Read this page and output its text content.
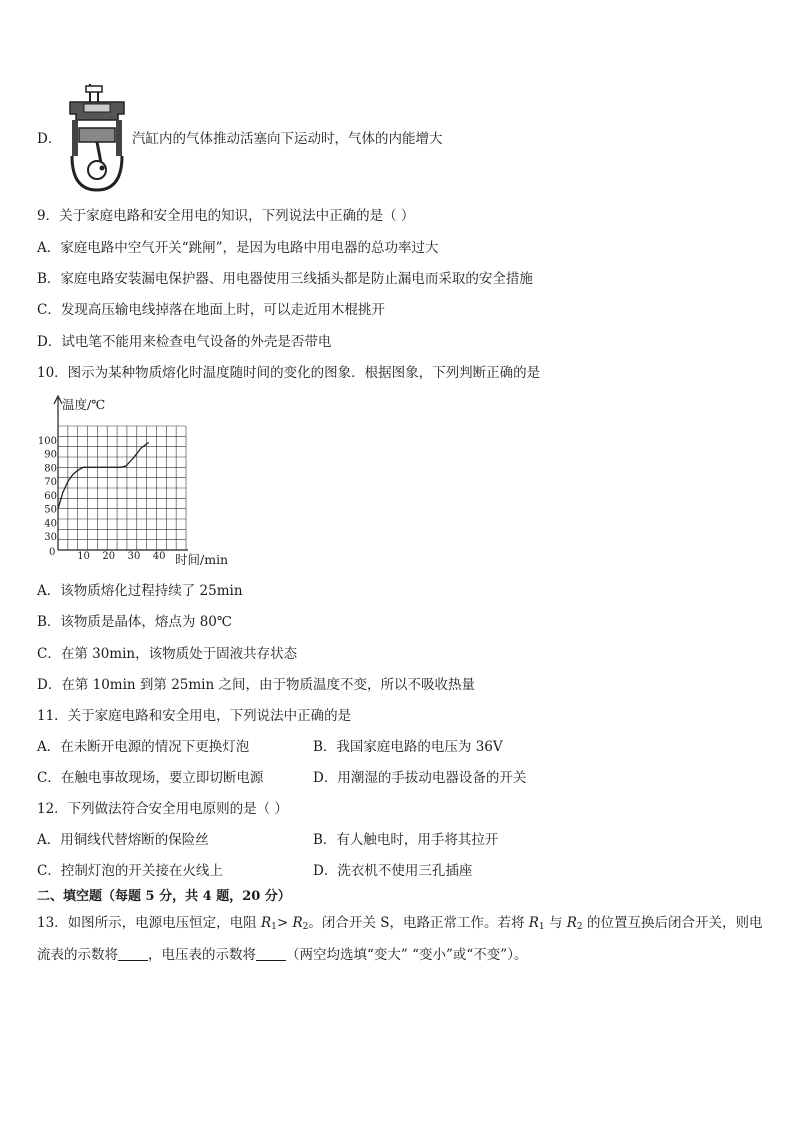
D．	汽缸内的气体推动活塞向下运动时，气体的内能增大
9．关于家庭电路和安全用电的知识，下列说法中正确的是（ ）
A．家庭电路中空气开关“跳闸”，是因为电路中用电器的总功率过大
B．家庭电路安装漏电保护器、用电器使用三线插头都是防止漏电而采取的安全措施
C．发现高压输电线掉落在地面上时，可以走近用木棍挑开
D．试电笔不能用来检查电气设备的外壳是否带电
10．图示为某种物质熔化时温度随时间的变化的图象．根据图象，下列判断正确的是
温度/℃
时间/min
0 10 20 30 40
30
40
50
60
70
80
90
100
A．该物质熔化过程持续了 25min
B．该物质是晶体，熔点为 80℃
C．在第 30min，该物质处于固液共存状态
D．在第 10min 到第 25min 之间，由于物质温度不变，所以不吸收热量
11．关于家庭电路和安全用电，下列说法中正确的是
A．在未断开电源的情况下更换灯泡	B．我国家庭电路的电压为 36V
C．在触电事故现场，要立即切断电源	D．用潮湿的手拔动电器设备的开关
12．下列做法符合安全用电原则的是（ ）
A．用铜线代替熔断的保险丝	B．有人触电时，用手将其拉开
C．控制灯泡的开关接在火线上	D．洗衣机不使用三孔插座
二、填空题（每题 5 分，共 4 题，20 分）
13．如图所示，电源电压恒定，电阻 $R_1> R_2$。闭合开关 S，电路正常工作。若将 $R_1$ 与 $R_2$ 的位置互换后闭合开关，则电
流表的示数将 ，电压表的示数将 （两空均选填“变大” “变小”或“不变”）。
